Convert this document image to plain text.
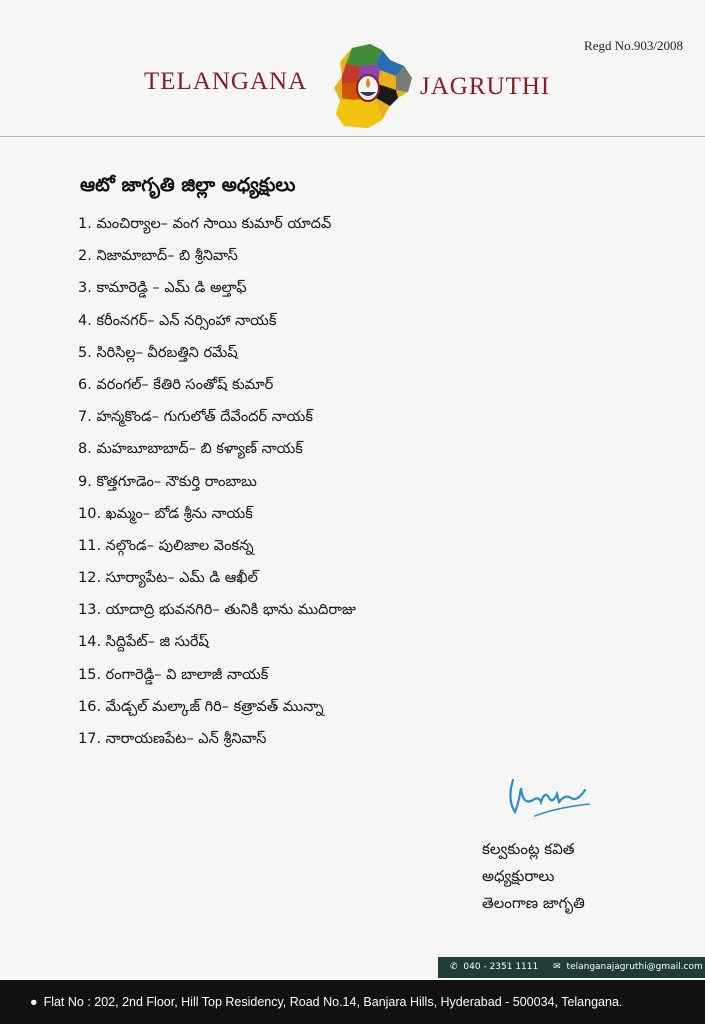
Regd No.903/2008
TELANGANA	JAGRUTHI
ఆటో జాగృతి జిల్లా అధ్యక్షులు
1. మంచిర్యాల– వంగ సాయి కుమార్ యాదవ్
2. నిజామాబాద్– బి శ్రీనివాస్
3. కామారెడ్డి – ఎమ్ డి అల్తాఫ్
4. కరీంనగర్– ఎన్ నర్సింహా నాయక్
5. సిరిసిల్ల– వీరబత్తిని రమేష్
6. వరంగల్– కేతిరి సంతోష్ కుమార్
7. హన్మకొండ– గుగులోత్ దేవేందర్ నాయక్
8. మహబూబాబాద్– బి కళ్యాణ్ నాయక్
9. కొత్తగూడెం– నౌకుర్తి రాంబాబు
10. ఖమ్మం– బోడ శ్రీను నాయక్
11. నల్గొండ– పులిజాల వెంకన్న
12. సూర్యాపేట– ఎమ్ డి ఆఖీల్
13. యాదాద్రి భువనగిరి– తునికి భాను ముదిరాజు
14. సిద్దిపేట్– జి సురేష్
15. రంగారెడ్డి– వి బాలాజీ నాయక్
16. మేడ్చల్ మల్కాజ్ గిరి– కత్రావత్ మున్నా
17. నారాయణపేట– ఎన్ శ్రీనివాస్
కల్వకుంట్ల కవిత
అధ్యక్షురాలు
తెలంగాణ జాగృతి
✆ 040 - 2351 1111 ✉ telanganajagruthi@gmail.com
● Flat No : 202, 2nd Floor, Hill Top Residency, Road No.14, Banjara Hills, Hyderabad - 500034, Telangana.
